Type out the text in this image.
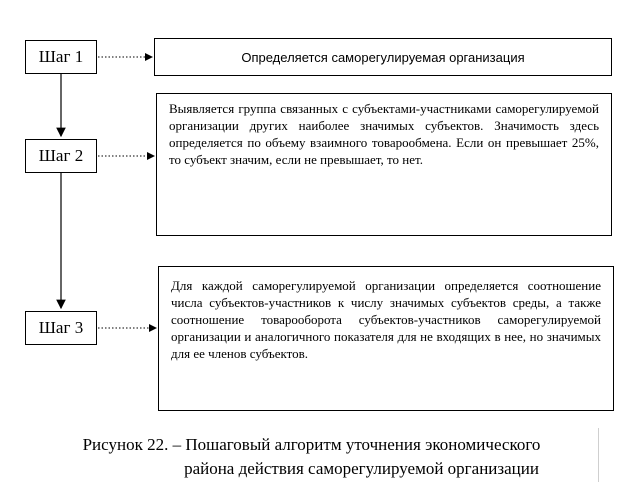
Шаг 1
Шаг 2
Шаг 3
Определяется саморегулируемая организация

Выявляется группа связанных с субъектами-участниками саморегулируемой организации других наиболее значимых субъектов. Значимость здесь определяется по объему взаимного товарообмена. Если он превышает 25%, то субъект значим, если не превышает, то нет.

Для каждой саморегулируемой организации определяется соотношение числа субъектов-участников к числу значимых субъектов среды, а также соотношение товарооборота субъектов-участников саморегулируемой организации и аналогичного показателя для не входящих в нее, но значимых для ее членов субъектов.

Рисунок 22. – Пошаговый алгоритм уточнения экономического
района действия саморегулируемой организации
